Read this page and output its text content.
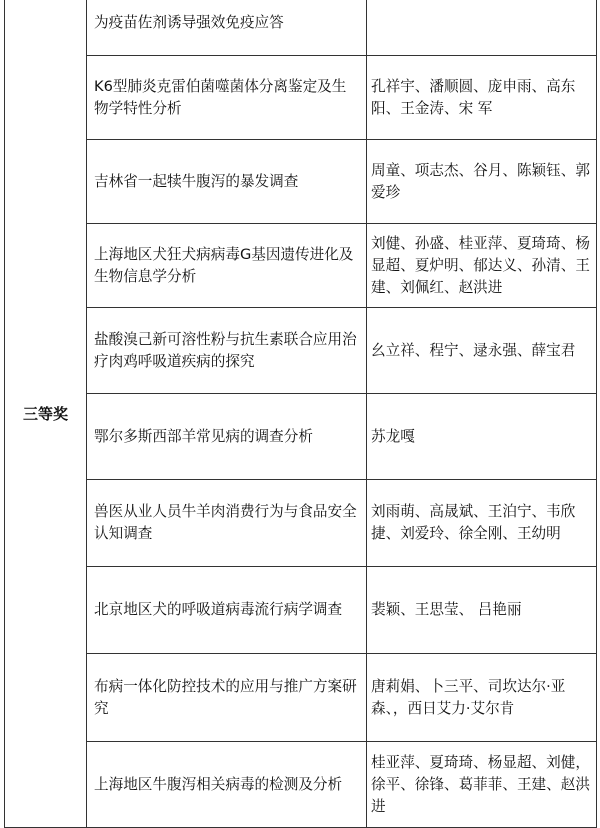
三等奖	为疫苗佐剂诱导强效免疫应答	

	K6型肺炎克雷伯菌噬菌体分离鉴定及生物学特性分析	孔祥宇、潘顺圆、庞申雨、高东阳、王金涛、宋 军

	吉林省一起犊牛腹泻的暴发调查	周童、项志杰、谷月、陈颖钰、郭爱珍

	上海地区犬狂犬病病毒G基因遗传进化及生物信息学分析	刘健、孙盛、桂亚萍、夏琦琦、杨显超、夏炉明、郁达义、孙清、王建、刘佩红、赵洪进

	盐酸溴己新可溶性粉与抗生素联合应用治疗肉鸡呼吸道疾病的探究	幺立祥、程宁、逯永强、薛宝君

	鄂尔多斯西部羊常见病的调查分析	苏龙嘎

	兽医从业人员牛羊肉消费行为与食品安全认知调查	刘雨萌、高晟斌、王泊宁、韦欣捷、刘爱玲、徐全刚、王幼明

	北京地区犬的呼吸道病毒流行病学调查	裴颖、王思莹、 吕艳丽

	布病一体化防控技术的应用与推广方案研究	唐莉娟、卜三平、司坎达尔·亚森、，西日艾力·艾尔肯

	上海地区牛腹泻相关病毒的检测及分析	桂亚萍、夏琦琦、杨显超、刘健，徐平、徐锋、葛菲菲、王建、赵洪进
